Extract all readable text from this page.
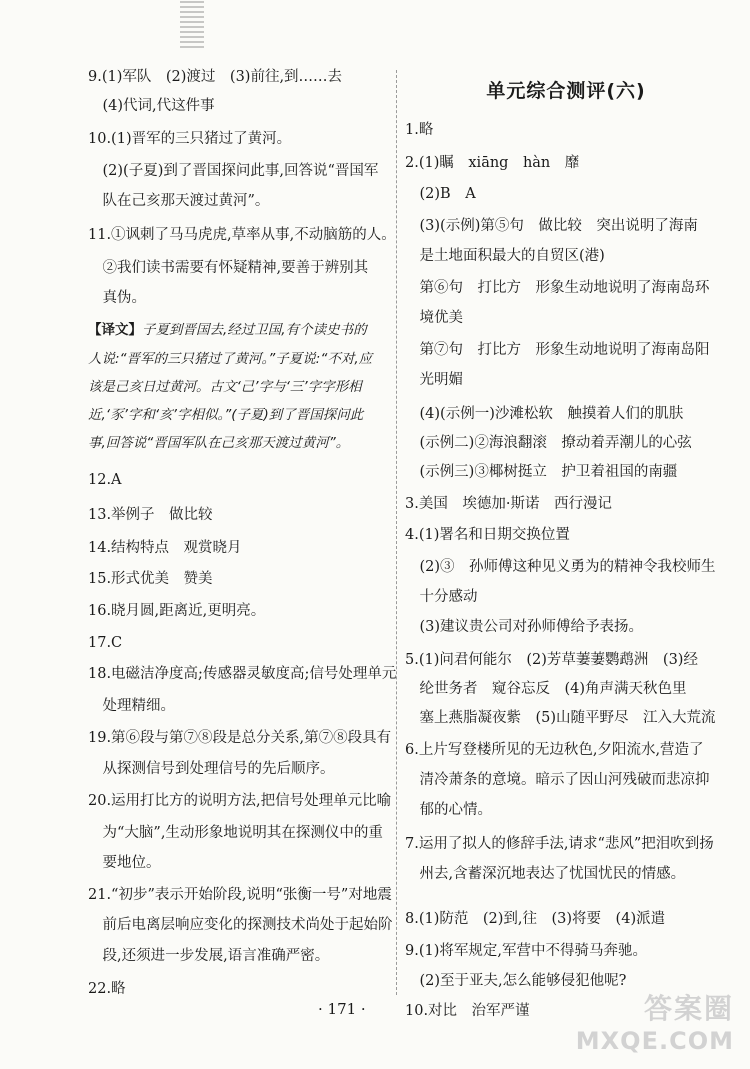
9.(1)军队　(2)渡过　(3)前往,到……去
　(4)代词,代这件事
10.(1)晋军的三只猪过了黄河。
　(2)(子夏)到了晋国探问此事,回答说“晋国军
　队在己亥那天渡过黄河”。
11.①讽刺了马马虎虎,草率从事,不动脑筋的人。
　②我们读书需要有怀疑精神,要善于辨别其
　真伪。
【译文】子夏到晋国去,经过卫国,有个读史书的
人说:“晋军的三只猪过了黄河。”子夏说:“不对,应
该是己亥日过黄河。古文‘己’字与‘三’字字形相
近,‘豕’字和‘亥’字相似。”(子夏)到了晋国探问此
事,回答说“晋国军队在己亥那天渡过黄河”。
12.A
13.举例子　做比较
14.结构特点　观赏晓月
15.形式优美　赞美
16.晓月圆,距离近,更明亮。
17.C
18.电磁洁净度高;传感器灵敏度高;信号处理单元
　处理精细。
19.第⑥段与第⑦⑧段是总分关系,第⑦⑧段具有
　从探测信号到处理信号的先后顺序。
20.运用打比方的说明方法,把信号处理单元比喻
　为“大脑”,生动形象地说明其在探测仪中的重
　要地位。
21.“初步”表示开始阶段,说明“张衡一号”对地震
　前后电离层响应变化的探测技术尚处于起始阶
　段,还须进一步发展,语言准确严密。
22.略
单元综合测评(六)
1.略
2.(1)瞩　xiāng　hàn　靡
　(2)B　A
　(3)(示例)第⑤句　做比较　突出说明了海南
　是土地面积最大的自贸区(港)
　第⑥句　打比方　形象生动地说明了海南岛环
　境优美
　第⑦句　打比方　形象生动地说明了海南岛阳
　光明媚
　(4)(示例一)沙滩松软　触摸着人们的肌肤
　(示例二)②海浪翻滚　撩动着弄潮儿的心弦
　(示例三)③椰树挺立　护卫着祖国的南疆
3.美国　埃德加·斯诺　西行漫记
4.(1)署名和日期交换位置
　(2)③　孙师傅这种见义勇为的精神令我校师生
　十分感动
　(3)建议贵公司对孙师傅给予表扬。
5.(1)问君何能尔　(2)芳草萋萋鹦鹉洲　(3)经
　纶世务者　窥谷忘反　(4)角声满天秋色里
　塞上燕脂凝夜紫　(5)山随平野尽　江入大荒流
6.上片写登楼所见的无边秋色,夕阳流水,营造了
　清冷萧条的意境。暗示了因山河残破而悲凉抑
　郁的心情。
7.运用了拟人的修辞手法,请求“悲风”把泪吹到扬
　州去,含蓄深沉地表达了忧国忧民的情感。
8.(1)防范　(2)到,往　(3)将要　(4)派遣
9.(1)将军规定,军营中不得骑马奔驰。
　(2)至于亚夫,怎么能够侵犯他呢?
10.对比　治军严谨
· 171 ·	答案圈
MXQE.COM
